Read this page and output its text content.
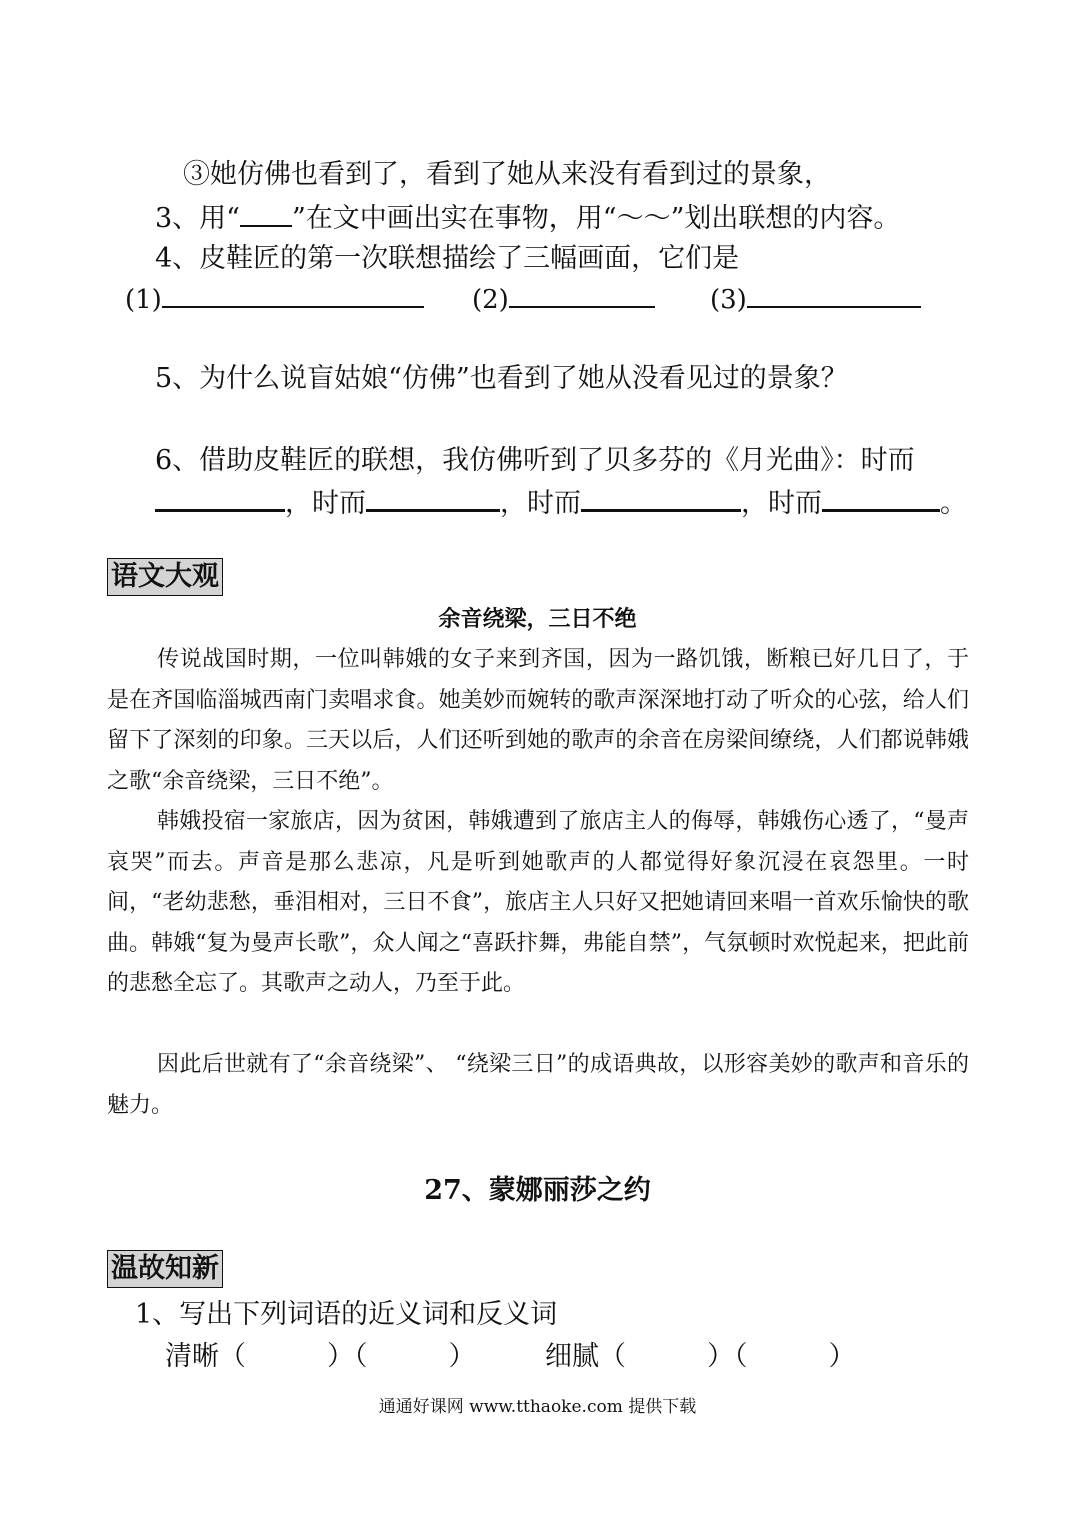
③她仿佛也看到了，看到了她从来没有看到过的景象，
3、用“ ”在文中画出实在事物，用“～～”划出联想的内容。
4、皮鞋匠的第一次联想描绘了三幅画面，它们是
(1)	(2)	(3)
5、为什么说盲姑娘“仿佛”也看到了她从没看见过的景象？
6、借助皮鞋匠的联想，我仿佛听到了贝多芬的《月光曲》：时而
，时而	，时而	，时而	。
语文大观
余音绕梁，三日不绝

传说战国时期，一位叫韩娥的女子来到齐国，因为一路饥饿，断粮已好几日了，于是在齐国临淄城西南门卖唱求食。她美妙而婉转的歌声深深地打动了听众的心弦，给人们留下了深刻的印象。三天以后，人们还听到她的歌声的余音在房梁间缭绕，人们都说韩娥之歌“余音绕梁，三日不绝”。

韩娥投宿一家旅店，因为贫困，韩娥遭到了旅店主人的侮辱，韩娥伤心透了，“曼声哀哭”而去。声音是那么悲凉，凡是听到她歌声的人都觉得好象沉浸在哀怨里。一时间，“老幼悲愁，垂泪相对，三日不食”，旅店主人只好又把她请回来唱一首欢乐愉快的歌曲。韩娥“复为曼声长歌”，众人闻之“喜跃抃舞，弗能自禁”，气氛顿时欢悦起来，把此前的悲愁全忘了。其歌声之动人，乃至于此。

因此后世就有了“余音绕梁”、 “绕梁三日”的成语典故，以形容美妙的歌声和音乐的魅力。

27、蒙娜丽莎之约
温故知新
1、写出下列词语的近义词和反义词
清晰（　　　）（　　　）	细腻（　　　）（　　　）
通通好课网 www.tthaoke.com 提供下载
